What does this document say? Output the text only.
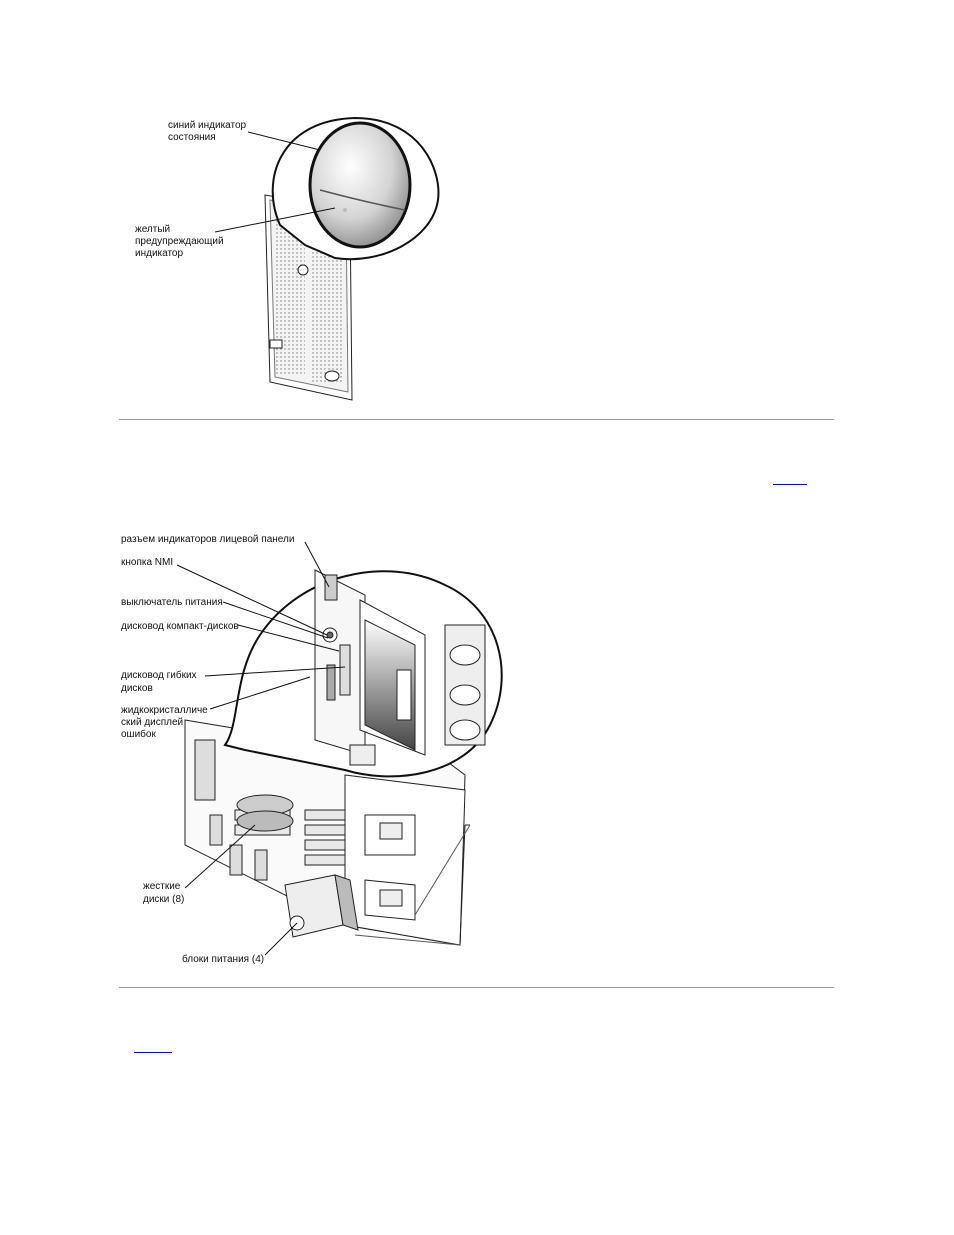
синий индикатор состояния
желтый предупреждающий индикатор
разъем индикаторов лицевой панели
кнопка NMI
выключатель питания
дисковод компакт-дисков
дисковод гибких дисков
жидкокристалличе ский дисплей ошибок
жесткие диски (8)
блоки питания (4)
